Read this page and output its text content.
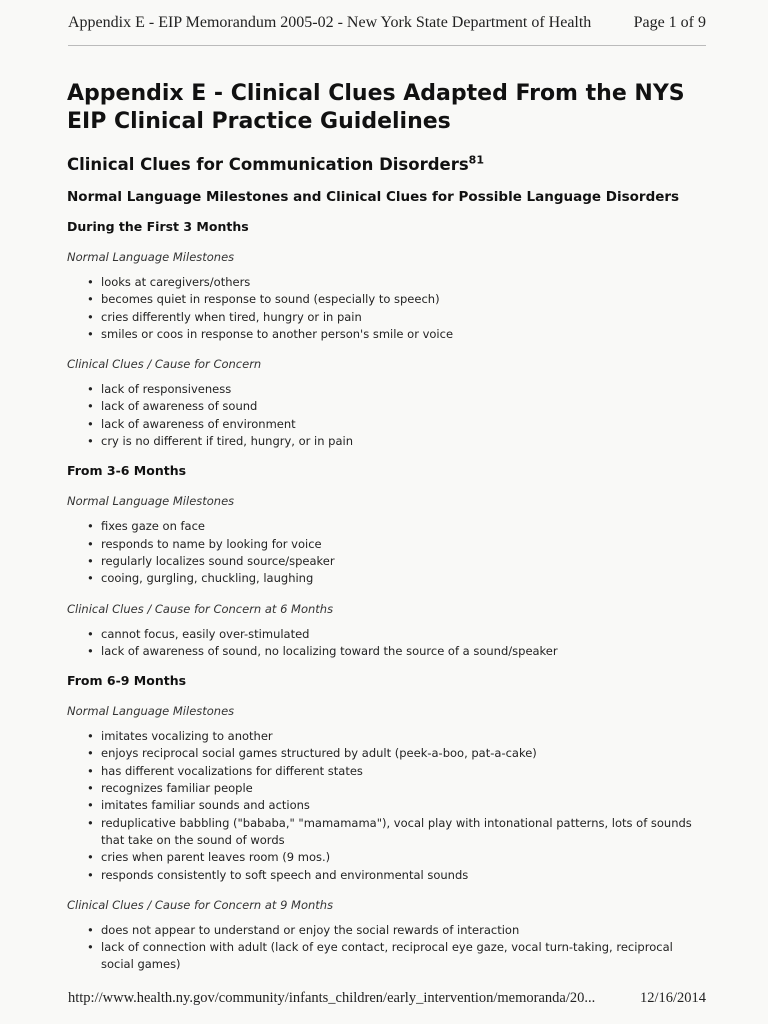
Appendix E - EIP Memorandum 2005-02 - New York State Department of Health	Page 1 of 9
Appendix E - Clinical Clues Adapted From the NYS EIP Clinical Practice Guidelines
Clinical Clues for Communication Disorders$^{81}$
Normal Language Milestones and Clinical Clues for Possible Language Disorders
During the First 3 Months
Normal Language Milestones
• looks at caregivers/others
• becomes quiet in response to sound (especially to speech)
• cries differently when tired, hungry or in pain
• smiles or coos in response to another person's smile or voice
Clinical Clues / Cause for Concern
• lack of responsiveness
• lack of awareness of sound
• lack of awareness of environment
• cry is no different if tired, hungry, or in pain
From 3-6 Months
Normal Language Milestones
• fixes gaze on face
• responds to name by looking for voice
• regularly localizes sound source/speaker
• cooing, gurgling, chuckling, laughing
Clinical Clues / Cause for Concern at 6 Months
• cannot focus, easily over-stimulated
• lack of awareness of sound, no localizing toward the source of a sound/speaker
From 6-9 Months
Normal Language Milestones
• imitates vocalizing to another
• enjoys reciprocal social games structured by adult (peek-a-boo, pat-a-cake)
• has different vocalizations for different states
• recognizes familiar people
• imitates familiar sounds and actions
• reduplicative babbling ("bababa," "mamamama"), vocal play with intonational patterns, lots of sounds that take on the sound of words
• cries when parent leaves room (9 mos.)
• responds consistently to soft speech and environmental sounds
Clinical Clues / Cause for Concern at 9 Months
• does not appear to understand or enjoy the social rewards of interaction
• lack of connection with adult (lack of eye contact, reciprocal eye gaze, vocal turn-taking, reciprocal social games)
http://www.health.ny.gov/community/infants_children/early_intervention/memoranda/20...	12/16/2014
